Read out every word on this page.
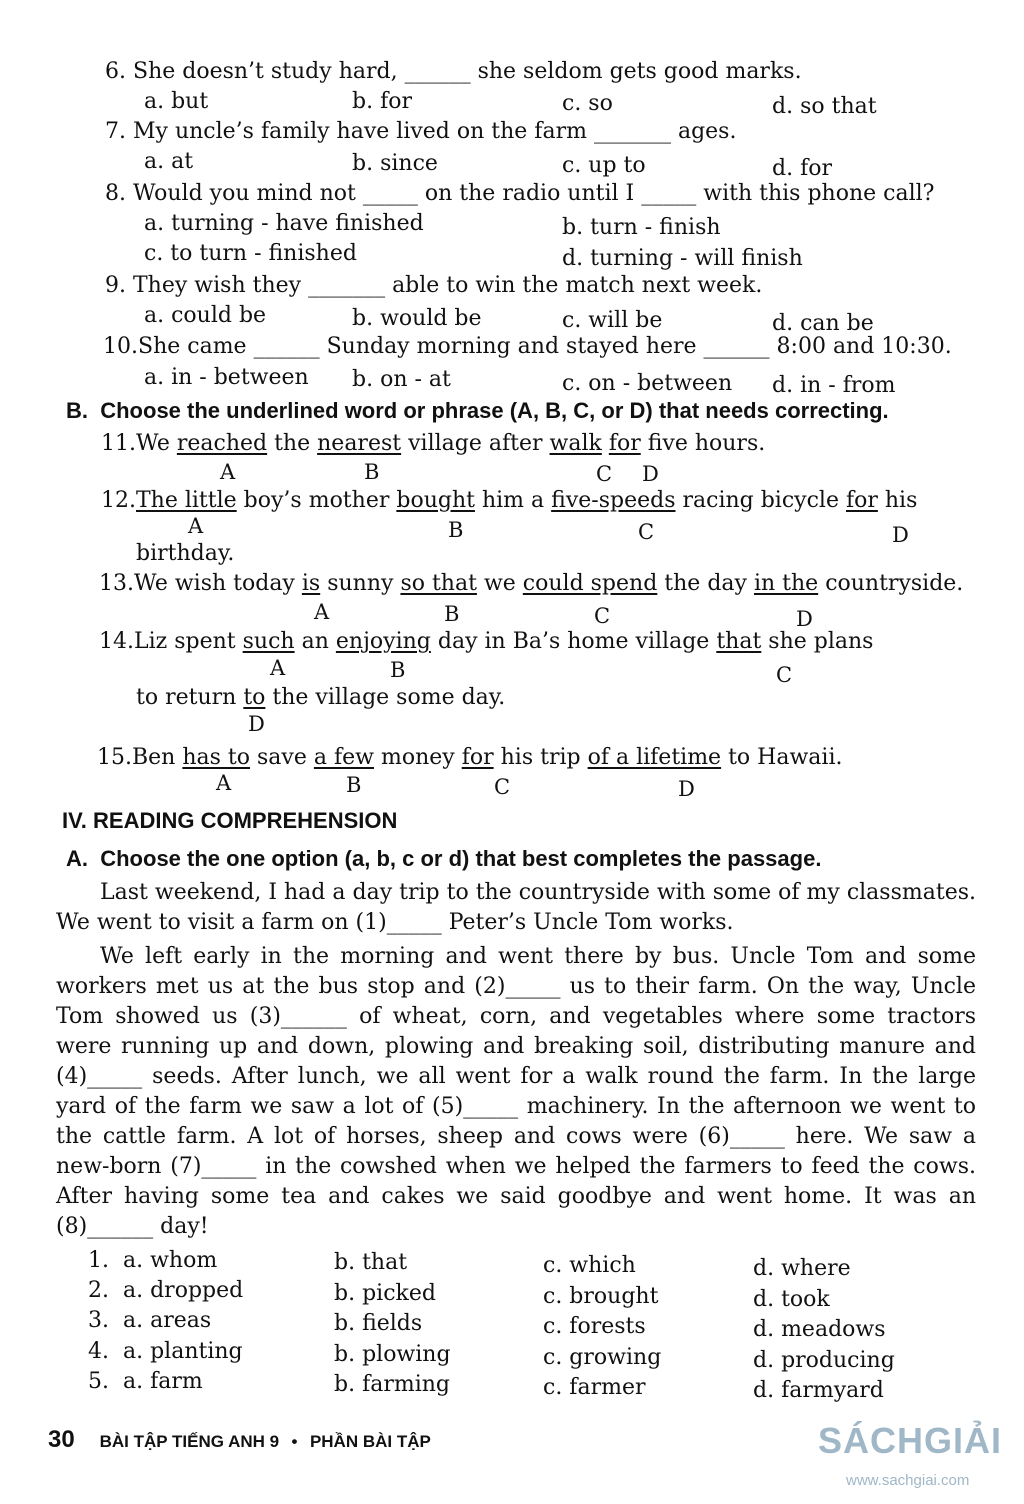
6. She doesn’t study hard, ______ she seldom gets good marks.
a. but	b. for	c. so	d. so that
7. My uncle’s family have lived on the farm _______ ages.
a. at	b. since	c. up to	d. for
8. Would you mind not _____ on the radio until I _____ with this phone call?
a. turning - have finished	b. turn - finish
c. to turn - finished	d. turning - will finish
9. They wish they _______ able to win the match next week.
a. could be	b. would be	c. will be	d. can be
10.She came ______ Sunday morning and stayed here ______ 8:00 and 10:30.
a. in - between b. on - at	c. on - between d. in - from
B. Choose the underlined word or phrase (A, B, C, or D) that needs correcting.
11.We reached the nearest village after walk for five hours.
A	B	C D
12.The little boy’s mother bought him a five-speeds racing bicycle for his
A	B	C	D
birthday.
13.We wish today is sunny so that we could spend the day in the countryside.
A	B	C	D
14.Liz spent such an enjoying day in Ba’s home village that she plans
A	B	C
to return to the village some day.
D
15.Ben has to save a few money for his trip of a lifetime to Hawaii.
A	B	C	D
IV. READING COMPREHENSION
A. Choose the one option (a, b, c or d) that best completes the passage.
Last weekend, I had a day trip to the countryside with some of my classmates. We went to visit a farm on (1)_____ Peter’s Uncle Tom works.
We left early in the morning and went there by bus. Uncle Tom and some workers met us at the bus stop and (2)_____ us to their farm. On the way, Uncle Tom showed us (3)______ of wheat, corn, and vegetables where some tractors were running up and down, plowing and breaking soil, distributing manure and (4)_____ seeds. After lunch, we all went for a walk round the farm. In the large yard of the farm we saw a lot of (5)_____ machinery. In the afternoon we went to the cattle farm. A lot of horses, sheep and cows were (6)_____ here. We saw a new-born (7)_____ in the cowshed when we helped the farmers to feed the cows. After having some tea and cakes we said goodbye and went home. It was an (8)______ day!
1. a. whom	b. that	c. which	d. where
2. a. dropped	b. picked	c. brought	d. took
3. a. areas	b. fields	c. forests	d. meadows
4. a. planting	b. plowing	c. growing	d. producing
5. a. farm	b. farming	c. farmer	d. farmyard
30 BÀI TẬP TIẾNG ANH 9 • PHẦN BÀI TẬP	SÁCHGIẢI
www.sachgiai.com
